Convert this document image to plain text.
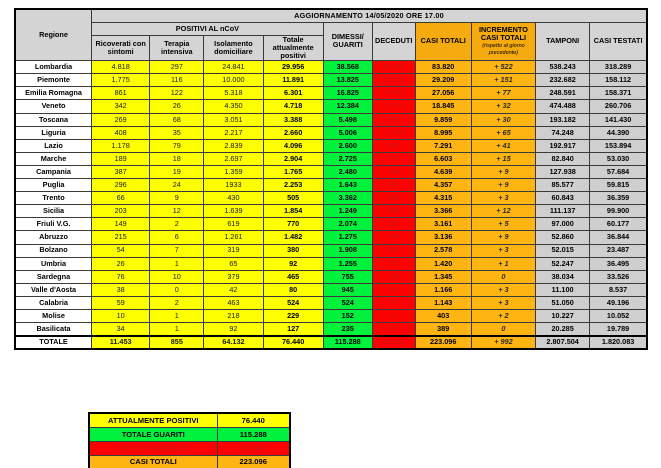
Regione	AGGIORNAMENTO 14/05/2020 ORE 17.00									
	POSITIVI AL nCoV				DIMESSI/ GUARITI	DECEDUTI	CASI TOTALI	INCREMENTO CASI TOTALI
(rispetto al giorno precedente)	TAMPONI	CASI TESTATI
	Ricoverati con sintomi	Terapia intensiva	Isolamento domiciliare	Totale attualmente positivi						
Lombardia	4.818	297	24.841	29.956	38.568	15.296	83.820	+ 522	538.243	318.289
Piemonte	1.775	116	10.000	11.891	13.825	3.493	29.209	+ 151	232.682	158.112
Emilia Romagna	861	122	5.318	6.301	16.825	3.930	27.056	+ 77	248.591	158.371
Veneto	342	26	4.350	4.718	12.384	1.743	18.845	+ 32	474.488	260.706
Toscana	269	68	3.051	3.388	5.498	973	9.859	+ 30	193.182	141.430
Liguria	408	35	2.217	2.660	5.006	1.329	8.995	+ 65	74.248	44.390
Lazio	1.178	79	2.839	4.096	2.600	595	7.291	+ 41	192.917	153.894
Marche	189	18	2.697	2.904	2.725	974	6.603	+ 15	82.840	53.030
Campania	387	19	1.359	1.765	2.480	394	4.639	+ 9	127.938	57.684
Puglia	296	24	1933	2.253	1.643	461	4.357	+ 9	85.577	59.815
Trento	66	9	430	505	3.362	448	4.315	+ 3	60.843	36.359
Sicilia	203	12	1.639	1.854	1.249	263	3.366	+ 12	111.137	99.900
Friuli V.G.	149	2	619	770	2.074	317	3.161	+ 5	97.000	60.177
Abruzzo	215	6	1.261	1.482	1.275	379	3.136	+ 9	52.860	36.844
Bolzano	54	7	319	380	1.908	290	2.578	+ 3	52.015	23.487
Umbria	26	1	65	92	1.255	73	1.420	+ 1	52.247	36.495
Sardegna	76	10	379	465	755	125	1.345	0	38.034	33.526
Valle d'Aosta	38	0	42	80	945	141	1.166	+ 3	11.100	8.537
Calabria	59	2	463	524	524	95	1.143	+ 3	51.050	49.196
Molise	10	1	218	229	152	22	403	+ 2	10.227	10.052
Basilicata	34	1	92	127	235	27	389	0	20.285	19.789
TOTALE	11.453	855	64.132	76.440	115.288	31.368	223.096	+ 992	2.807.504	1.820.083
ATTUALMENTE POSITIVI	76.440
TOTALE GUARITI	115.288
TOTALE DECEDUTI	31.368
CASI TOTALI	223.096
